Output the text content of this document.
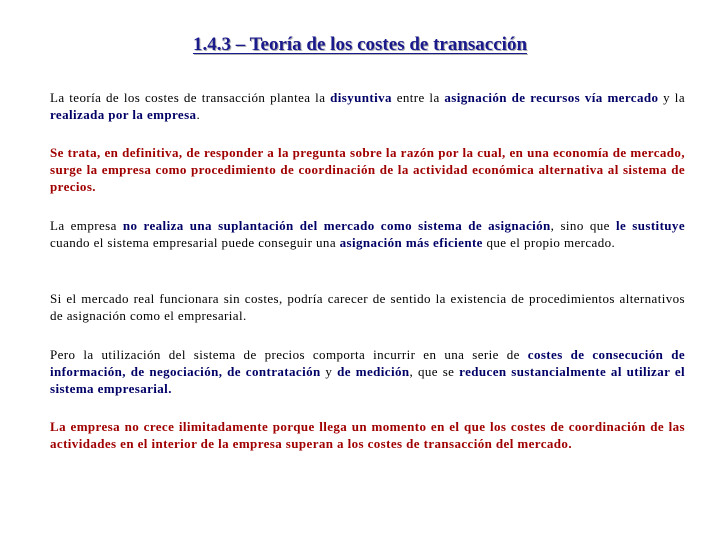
1.4.3 – Teoría de los costes de transacción

La teoría de los costes de transacción plantea la disyuntiva entre la asignación de recursos vía mercado y la realizada por la empresa.

Se trata, en definitiva, de responder a la pregunta sobre la razón por la cual, en una economía de mercado, surge la empresa como procedimiento de coordinación de la actividad económica alternativa al sistema de precios.

La empresa no realiza una suplantación del mercado como sistema de asignación, sino que le sustituye cuando el sistema empresarial puede conseguir una asignación más eficiente que el propio mercado.

Si el mercado real funcionara sin costes, podría carecer de sentido la existencia de procedimientos alternativos de asignación como el empresarial.

Pero la utilización del sistema de precios comporta incurrir en una serie de costes de consecución de información, de negociación, de contratación y de medición, que se reducen sustancialmente al utilizar el sistema empresarial.

La empresa no crece ilimitadamente porque llega un momento en el que los costes de coordinación de las actividades en el interior de la empresa superan a los costes de transacción del mercado.
